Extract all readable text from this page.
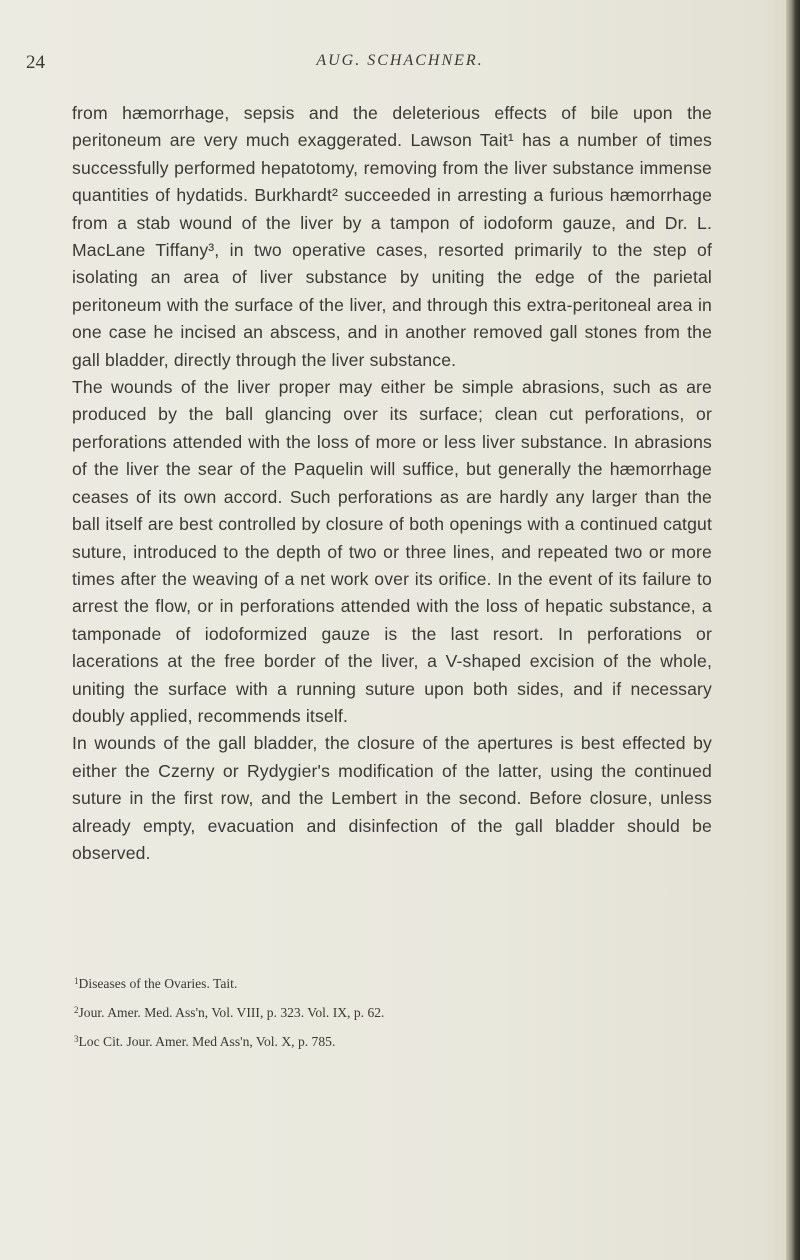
24	AUG. SCHACHNER.

from hæmorrhage, sepsis and the deleterious effects of bile upon the peritoneum are very much exaggerated. Lawson Tait¹ has a number of times successfully performed hepatotomy, removing from the liver substance immense quantities of hydatids. Burkhardt² succeeded in arresting a furious hæmorrhage from a stab wound of the liver by a tampon of iodoform gauze, and Dr. L. MacLane Tiffany³, in two operative cases, resorted primarily to the step of isolating an area of liver substance by uniting the edge of the parietal peritoneum with the surface of the liver, and through this extra-peritoneal area in one case he incised an abscess, and in another removed gall stones from the gall bladder, directly through the liver substance.

The wounds of the liver proper may either be simple abrasions, such as are produced by the ball glancing over its surface; clean cut perforations, or perforations attended with the loss of more or less liver substance. In abrasions of the liver the sear of the Paquelin will suffice, but generally the hæmorrhage ceases of its own accord. Such perforations as are hardly any larger than the ball itself are best controlled by closure of both openings with a continued catgut suture, introduced to the depth of two or three lines, and repeated two or more times after the weaving of a net work over its orifice. In the event of its failure to arrest the flow, or in perforations attended with the loss of hepatic substance, a tamponade of iodoformized gauze is the last resort. In perforations or lacerations at the free border of the liver, a V-shaped excision of the whole, uniting the surface with a running suture upon both sides, and if necessary doubly applied, recommends itself.

In wounds of the gall bladder, the closure of the apertures is best effected by either the Czerny or Rydygier's modification of the latter, using the continued suture in the first row, and the Lembert in the second. Before closure, unless already empty, evacuation and disinfection of the gall bladder should be observed.

$^1$Diseases of the Ovaries. Tait.

$^2$Jour. Amer. Med. Ass'n, Vol. VIII, p. 323. Vol. IX, p. 62.

$^3$Loc Cit. Jour. Amer. Med Ass'n, Vol. X, p. 785.
